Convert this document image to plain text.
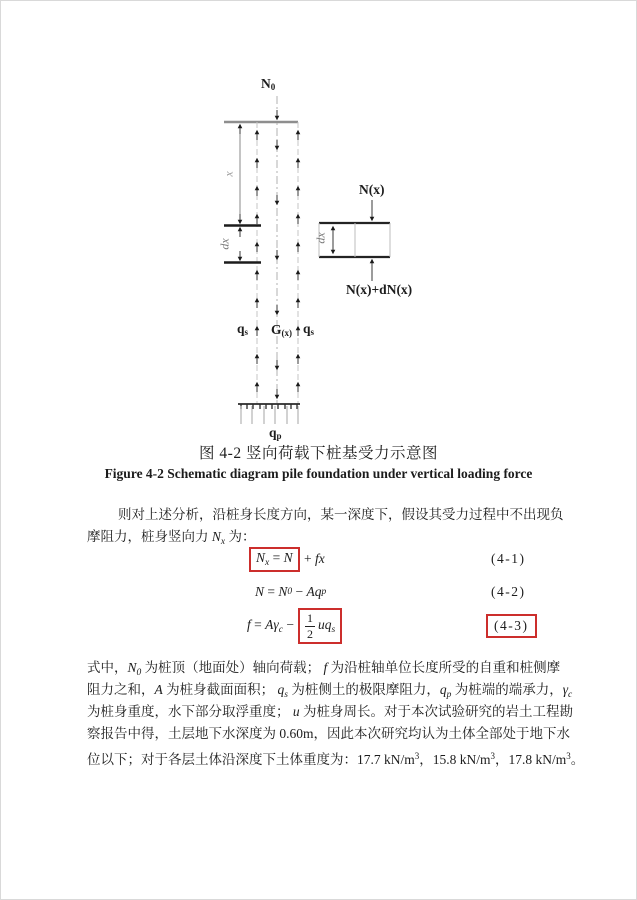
N0
x
dx
qs G(x) qs
qp
N(x)
N(x)+dN(x)
dx
图 4-2 竖向荷载下桩基受力示意图
Figure 4-2 Schematic diagram pile foundation under vertical loading force
则对上述分析，沿桩身长度方向，某一深度下，假设其受力过程中不出现负
摩阻力，桩身竖向力 $N_x$ 为：
$N_x = N$ + fx	(4-1)
N = N 0 − Aq p	(4-2)
$f = A\gamma_c - \frac{1}{2} uq_s$	(4-3)
式中，$N_0$ 为桩顶（地面处）轴向荷载； f 为沿桩轴单位长度所受的自重和桩侧摩
阻力之和，A 为桩身截面面积； $q_s$ 为桩侧土的极限摩阻力，$q_p$ 为桩端的端承力，$\gamma_c$
为桩身重度，水下部分取浮重度； u 为桩身周长。对于本次试验研究的岩土工程勘
察报告中得，土层地下水深度为 0.60m，因此本次研究均认为土体全部处于地下水
位以下；对于各层土体沿深度下土体重度为：17.7 $kN/m^3$，15.8 $kN/m^3$，17.8 $kN/m^3$。
